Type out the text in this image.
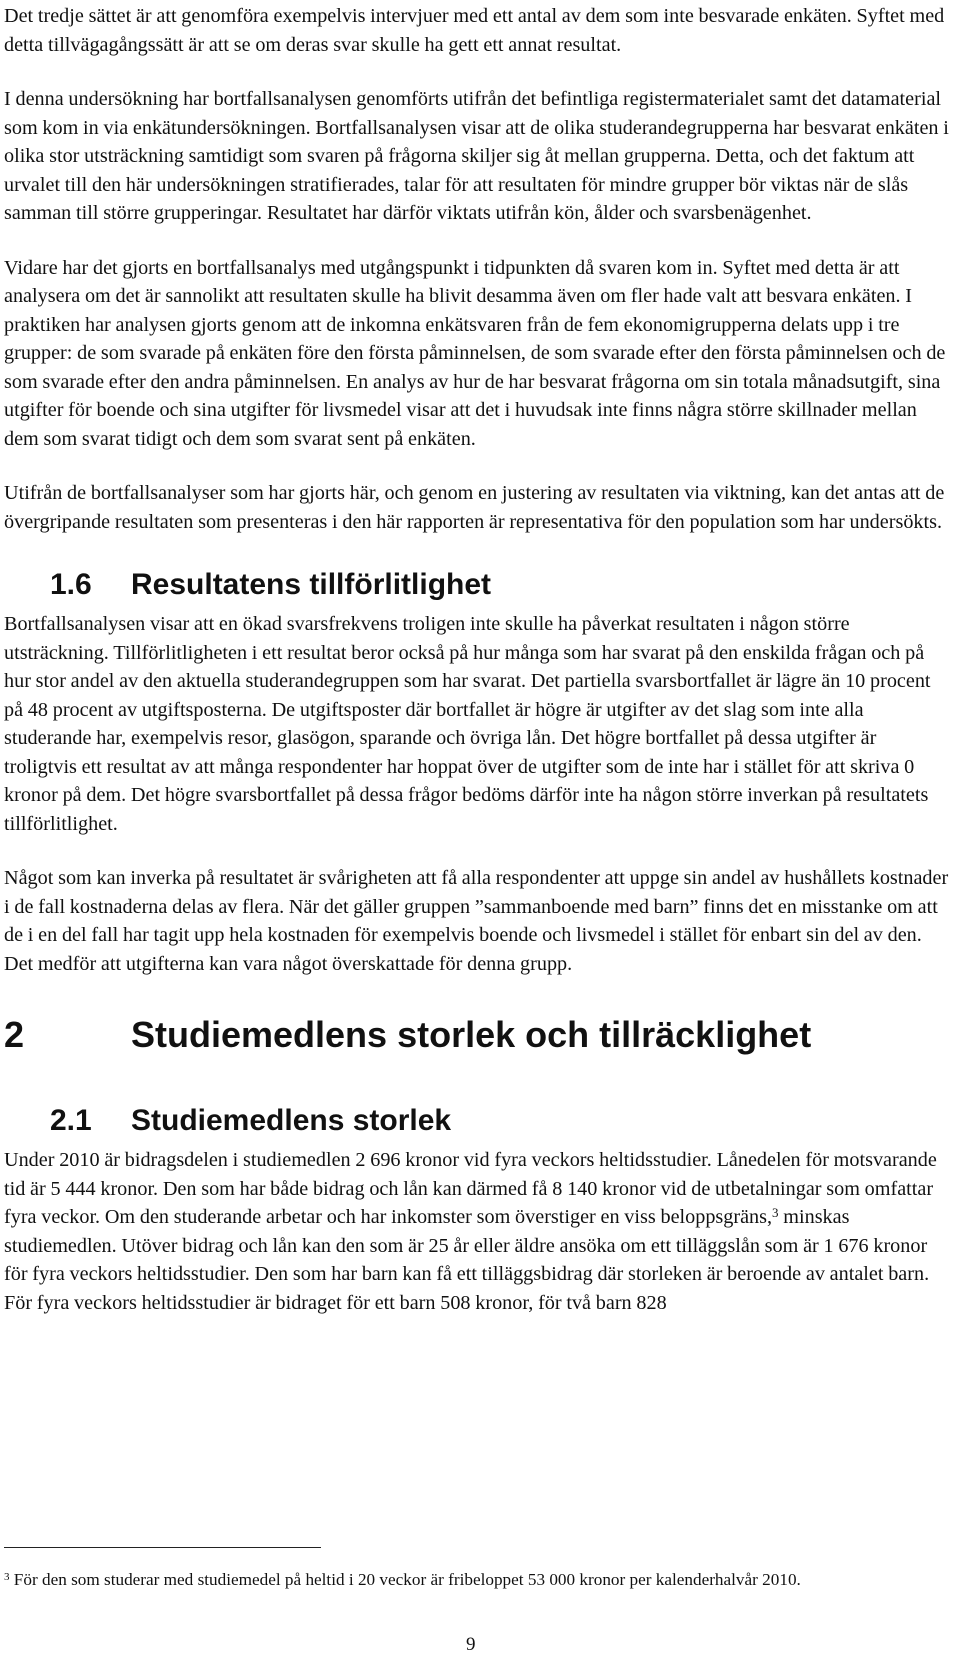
Det tredje sättet är att genomföra exempelvis intervjuer med ett antal av dem som inte besvarade enkäten. Syftet med detta tillvägagångssätt är att se om deras svar skulle ha gett ett annat resultat.

I denna undersökning har bortfallsanalysen genomförts utifrån det befintliga registermaterialet samt det datamaterial som kom in via enkätundersökningen. Bortfallsanalysen visar att de olika studerandegrupperna har besvarat enkäten i olika stor utsträckning samtidigt som svaren på frågorna skiljer sig åt mellan grupperna. Detta, och det faktum att urvalet till den här undersökningen stratifierades, talar för att resultaten för mindre grupper bör viktas när de slås samman till större grupperingar. Resultatet har därför viktats utifrån kön, ålder och svarsbenägenhet.

Vidare har det gjorts en bortfallsanalys med utgångspunkt i tidpunkten då svaren kom in. Syftet med detta är att analysera om det är sannolikt att resultaten skulle ha blivit desamma även om fler hade valt att besvara enkäten. I praktiken har analysen gjorts genom att de inkomna enkätsvaren från de fem ekonomigrupperna delats upp i tre grupper: de som svarade på enkäten före den första påminnelsen, de som svarade efter den första påminnelsen och de som svarade efter den andra påminnelsen. En analys av hur de har besvarat frågorna om sin totala månadsutgift, sina utgifter för boende och sina utgifter för livsmedel visar att det i huvudsak inte finns några större skillnader mellan dem som svarat tidigt och dem som svarat sent på enkäten.

Utifrån de bortfallsanalyser som har gjorts här, och genom en justering av resultaten via viktning, kan det antas att de övergripande resultaten som presenteras i den här rapporten är representativa för den population som har undersökts.

1.6	Resultatens tillförlitlighet

Bortfallsanalysen visar att en ökad svarsfrekvens troligen inte skulle ha påverkat resultaten i någon större utsträckning. Tillförlitligheten i ett resultat beror också på hur många som har svarat på den enskilda frågan och på hur stor andel av den aktuella studerandegruppen som har svarat. Det partiella svarsbortfallet är lägre än 10 procent på 48 procent av utgiftsposterna. De utgiftsposter där bortfallet är högre är utgifter av det slag som inte alla studerande har, exempelvis resor, glasögon, sparande och övriga lån. Det högre bortfallet på dessa utgifter är troligtvis ett resultat av att många respondenter har hoppat över de utgifter som de inte har i stället för att skriva 0 kronor på dem. Det högre svarsbortfallet på dessa frågor bedöms därför inte ha någon större inverkan på resultatets tillförlitlighet.

Något som kan inverka på resultatet är svårigheten att få alla respondenter att uppge sin andel av hushållets kostnader i de fall kostnaderna delas av flera. När det gäller gruppen ”sammanboende med barn” finns det en misstanke om att de i en del fall har tagit upp hela kostnaden för exempelvis boende och livsmedel i stället för enbart sin del av den. Det medför att utgifterna kan vara något överskattade för denna grupp.

2	Studiemedlens storlek och tillräcklighet
2.1	Studiemedlens storlek

Under 2010 är bidragsdelen i studiemedlen 2 696 kronor vid fyra veckors heltidsstudier. Lånedelen för motsvarande tid är 5 444 kronor. Den som har både bidrag och lån kan därmed få 8 140 kronor vid de utbetalningar som omfattar fyra veckor. Om den studerande arbetar och har inkomster som överstiger en viss beloppsgräns,$^3$ minskas studiemedlen. Utöver bidrag och lån kan den som är 25 år eller äldre ansöka om ett tilläggslån som är 1 676 kronor för fyra veckors heltidsstudier. Den som har barn kan få ett tilläggsbidrag där storleken är beroende av antalet barn. För fyra veckors heltidsstudier är bidraget för ett barn 508 kronor, för två barn 828

$^3$ För den som studerar med studiemedel på heltid i 20 veckor är fribeloppet 53 000 kronor per kalenderhalvår 2010.

9
